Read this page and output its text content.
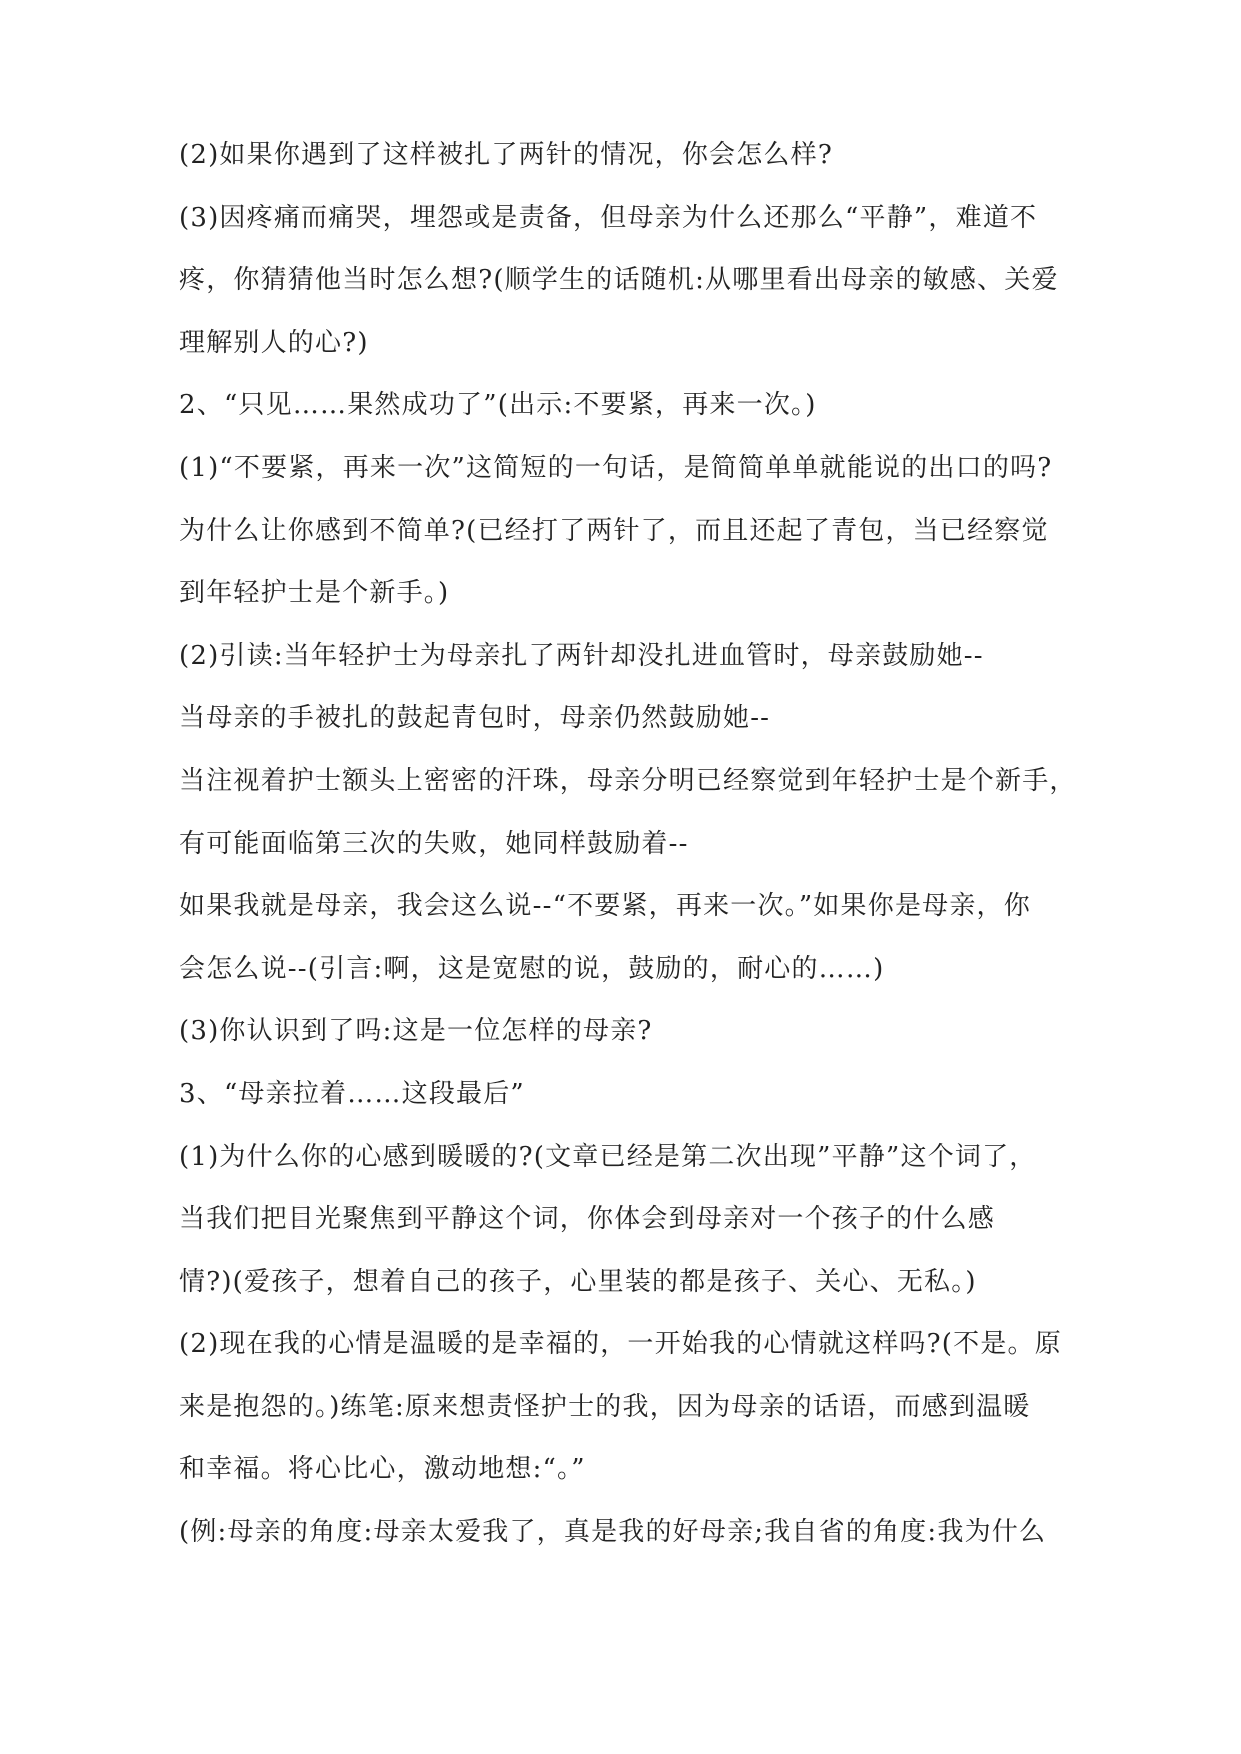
(2)如果你遇到了这样被扎了两针的情况，你会怎么样?
(3)因疼痛而痛哭，埋怨或是责备，但母亲为什么还那么“平静”，难道不
疼，你猜猜他当时怎么想?(顺学生的话随机:从哪里看出母亲的敏感、关爱
理解别人的心?)
2、“只见……果然成功了”(出示:不要紧，再来一次。)
(1)“不要紧，再来一次”这简短的一句话，是简简单单就能说的出口的吗?
为什么让你感到不简单?(已经打了两针了，而且还起了青包，当已经察觉
到年轻护士是个新手。)
(2)引读:当年轻护士为母亲扎了两针却没扎进血管时，母亲鼓励她--
当母亲的手被扎的鼓起青包时，母亲仍然鼓励她--
当注视着护士额头上密密的汗珠，母亲分明已经察觉到年轻护士是个新手，
有可能面临第三次的失败，她同样鼓励着--
如果我就是母亲，我会这么说--“不要紧，再来一次。”如果你是母亲，你
会怎么说--(引言:啊，这是宽慰的说，鼓励的，耐心的……)
(3)你认识到了吗:这是一位怎样的母亲?
3、“母亲拉着……这段最后”
(1)为什么你的心感到暖暖的?(文章已经是第二次出现”平静”这个词了，
当我们把目光聚焦到平静这个词，你体会到母亲对一个孩子的什么感
情?)(爱孩子，想着自己的孩子，心里装的都是孩子、关心、无私。)
(2)现在我的心情是温暖的是幸福的，一开始我的心情就这样吗?(不是。原
来是抱怨的。)练笔:原来想责怪护士的我，因为母亲的话语，而感到温暖
和幸福。将心比心，激动地想:“。”
(例:母亲的角度:母亲太爱我了，真是我的好母亲;我自省的角度:我为什么
